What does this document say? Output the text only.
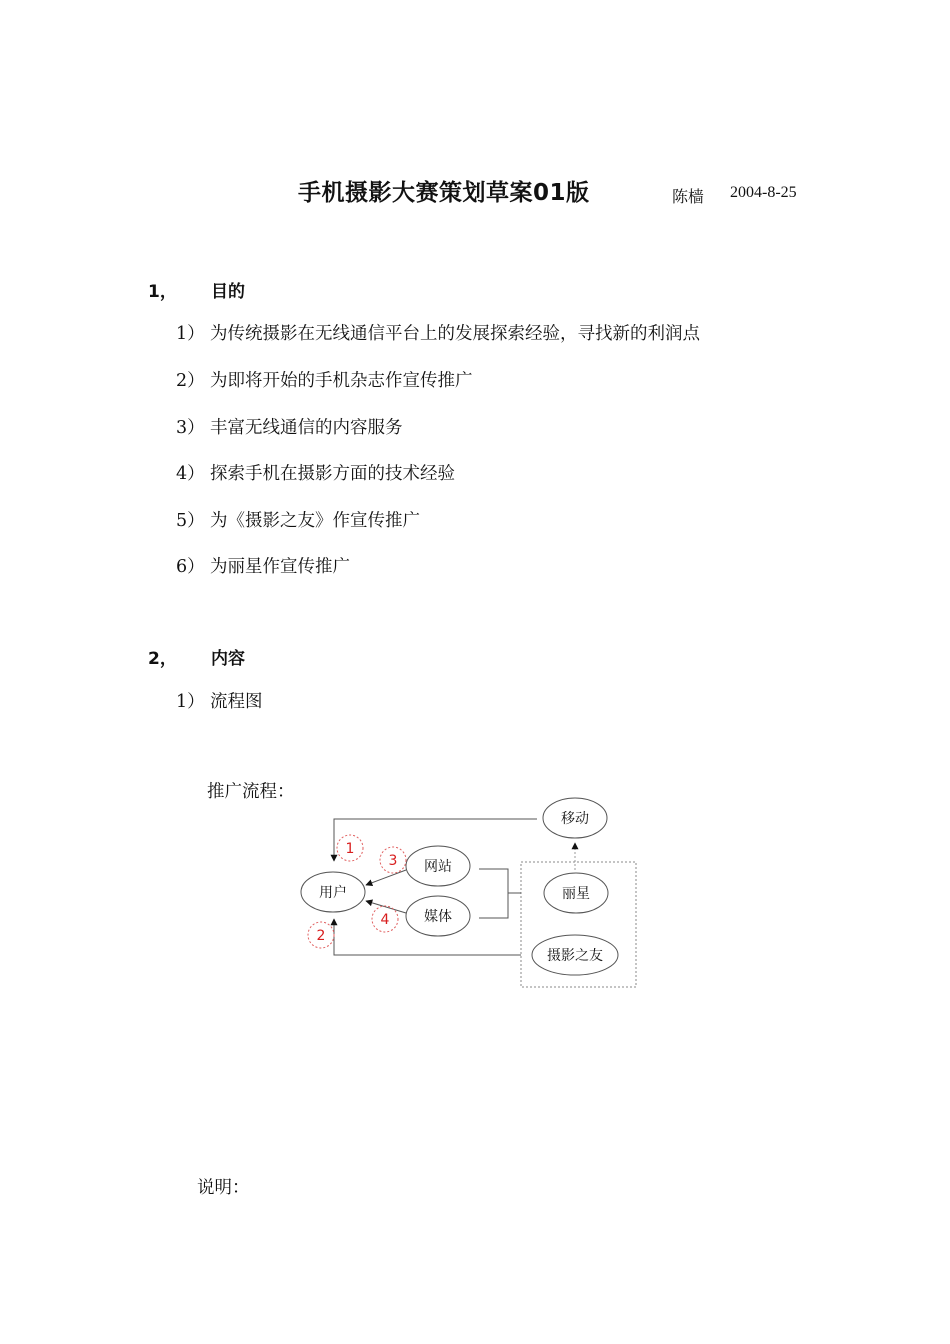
手机摄影大赛策划草案01版	陈樯 2004-8-25
1， 目的
1） 为传统摄影在无线通信平台上的发展探索经验，寻找新的利润点
2） 为即将开始的手机杂志作宣传推广
3） 丰富无线通信的内容服务
4） 探索手机在摄影方面的技术经验
5） 为《摄影之友》作宣传推广
6） 为丽星作宣传推广
2， 内容
1） 流程图
推广流程：
移动
用户
网站
媒体
丽星
摄影之友
1
2
3
4
说明：
